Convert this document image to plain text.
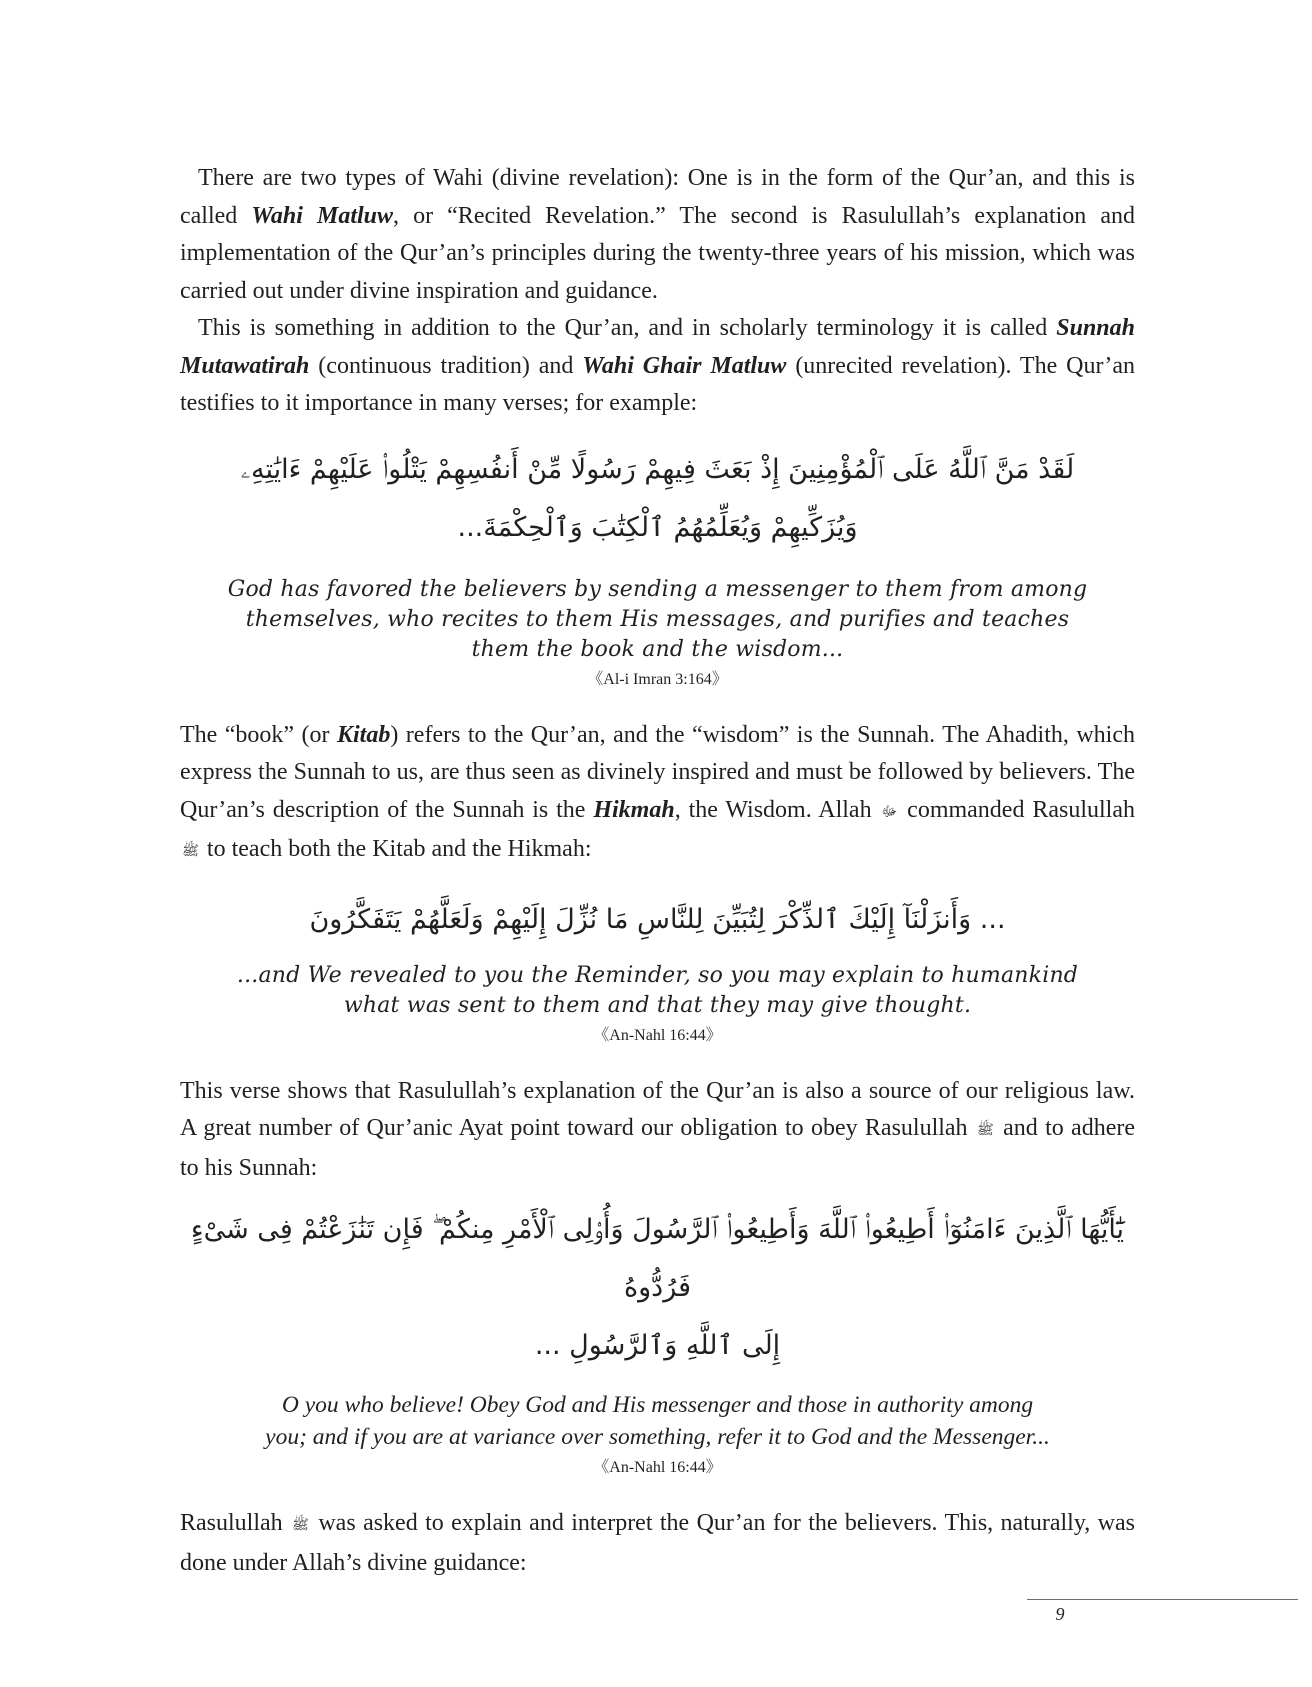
There are two types of Wahi (divine revelation): One is in the form of the Qur’an, and this is called Wahi Matluw, or “Recited Revelation.” The second is Rasulullah’s explanation and implementation of the Qur’an’s principles during the twenty-three years of his mission, which was carried out under divine inspiration and guidance.

This is something in addition to the Qur’an, and in scholarly terminology it is called Sunnah Mutawatirah (continuous tradition) and Wahi Ghair Matluw (unrecited revelation). The Qur’an testifies to it importance in many verses; for example:

لَقَدْ مَنَّ ٱللَّهُ عَلَى ٱلْمُؤْمِنِينَ إِذْ بَعَثَ فِيهِمْ رَسُولًا مِّنْ أَنفُسِهِمْ يَتْلُوا۟ عَلَيْهِمْ ءَايَٰتِهِۦ

وَيُزَكِّيهِمْ وَيُعَلِّمُهُمُ ٱلْكِتَٰبَ وَٱلْحِكْمَةَ...

God has favored the believers by sending a messenger to them from among

themselves, who recites to them His messages, and purifies and teaches

them the book and the wisdom...

《Al-i Imran 3:164》

The “book” (or Kitab) refers to the Qur’an, and the “wisdom” is the Sunnah. The Ahadith, which express the Sunnah to us, are thus seen as divinely inspired and must be followed by believers. The Qur’an’s description of the Sunnah is the Hikmah, the Wisdom. Allah ﷻ commanded Rasulullah ﷺ to teach both the Kitab and the Hikmah:

... وَأَنزَلْنَآ إِلَيْكَ ٱلذِّكْرَ لِتُبَيِّنَ لِلنَّاسِ مَا نُزِّلَ إِلَيْهِمْ وَلَعَلَّهُمْ يَتَفَكَّرُونَ

...and We revealed to you the Reminder, so you may explain to humankind

what was sent to them and that they may give thought.

《An-Nahl 16:44》

This verse shows that Rasulullah’s explanation of the Qur’an is also a source of our religious law. A great number of Qur’anic Ayat point toward our obligation to obey Rasulullah ﷺ and to adhere to his Sunnah:

يَٰٓأَيُّهَا ٱلَّذِينَ ءَامَنُوٓا۟ أَطِيعُوا۟ ٱللَّهَ وَأَطِيعُوا۟ ٱلرَّسُولَ وَأُو۟لِى ٱلْأَمْرِ مِنكُمْ ۖ فَإِن تَنَٰزَعْتُمْ فِى شَىْءٍ فَرُدُّوهُ

إِلَى ٱللَّهِ وَٱلرَّسُولِ ...

O you who believe! Obey God and His messenger and those in authority among

you; and if you are at variance over something, refer it to God and the Messenger...

《An-Nahl 16:44》

Rasulullah ﷺ was asked to explain and interpret the Qur’an for the believers. This, naturally, was done under Allah’s divine guidance:

9
